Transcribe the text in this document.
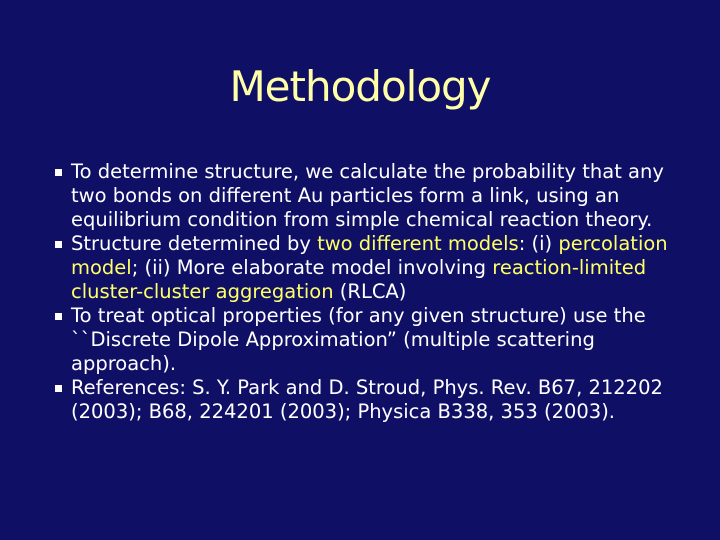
Methodology
To determine structure, we calculate the probability that any two bonds on different Au particles form a link, using an equilibrium condition from simple chemical reaction theory.
Structure determined by two different models: (i) percolation model; (ii) More elaborate model involving reaction-limited cluster-cluster aggregation (RLCA)
To treat optical properties (for any given structure) use the ``Discrete Dipole Approximation” (multiple scattering approach).
References: S. Y. Park and D. Stroud, Phys. Rev. B67, 212202 (2003); B68, 224201 (2003); Physica B338, 353 (2003).
